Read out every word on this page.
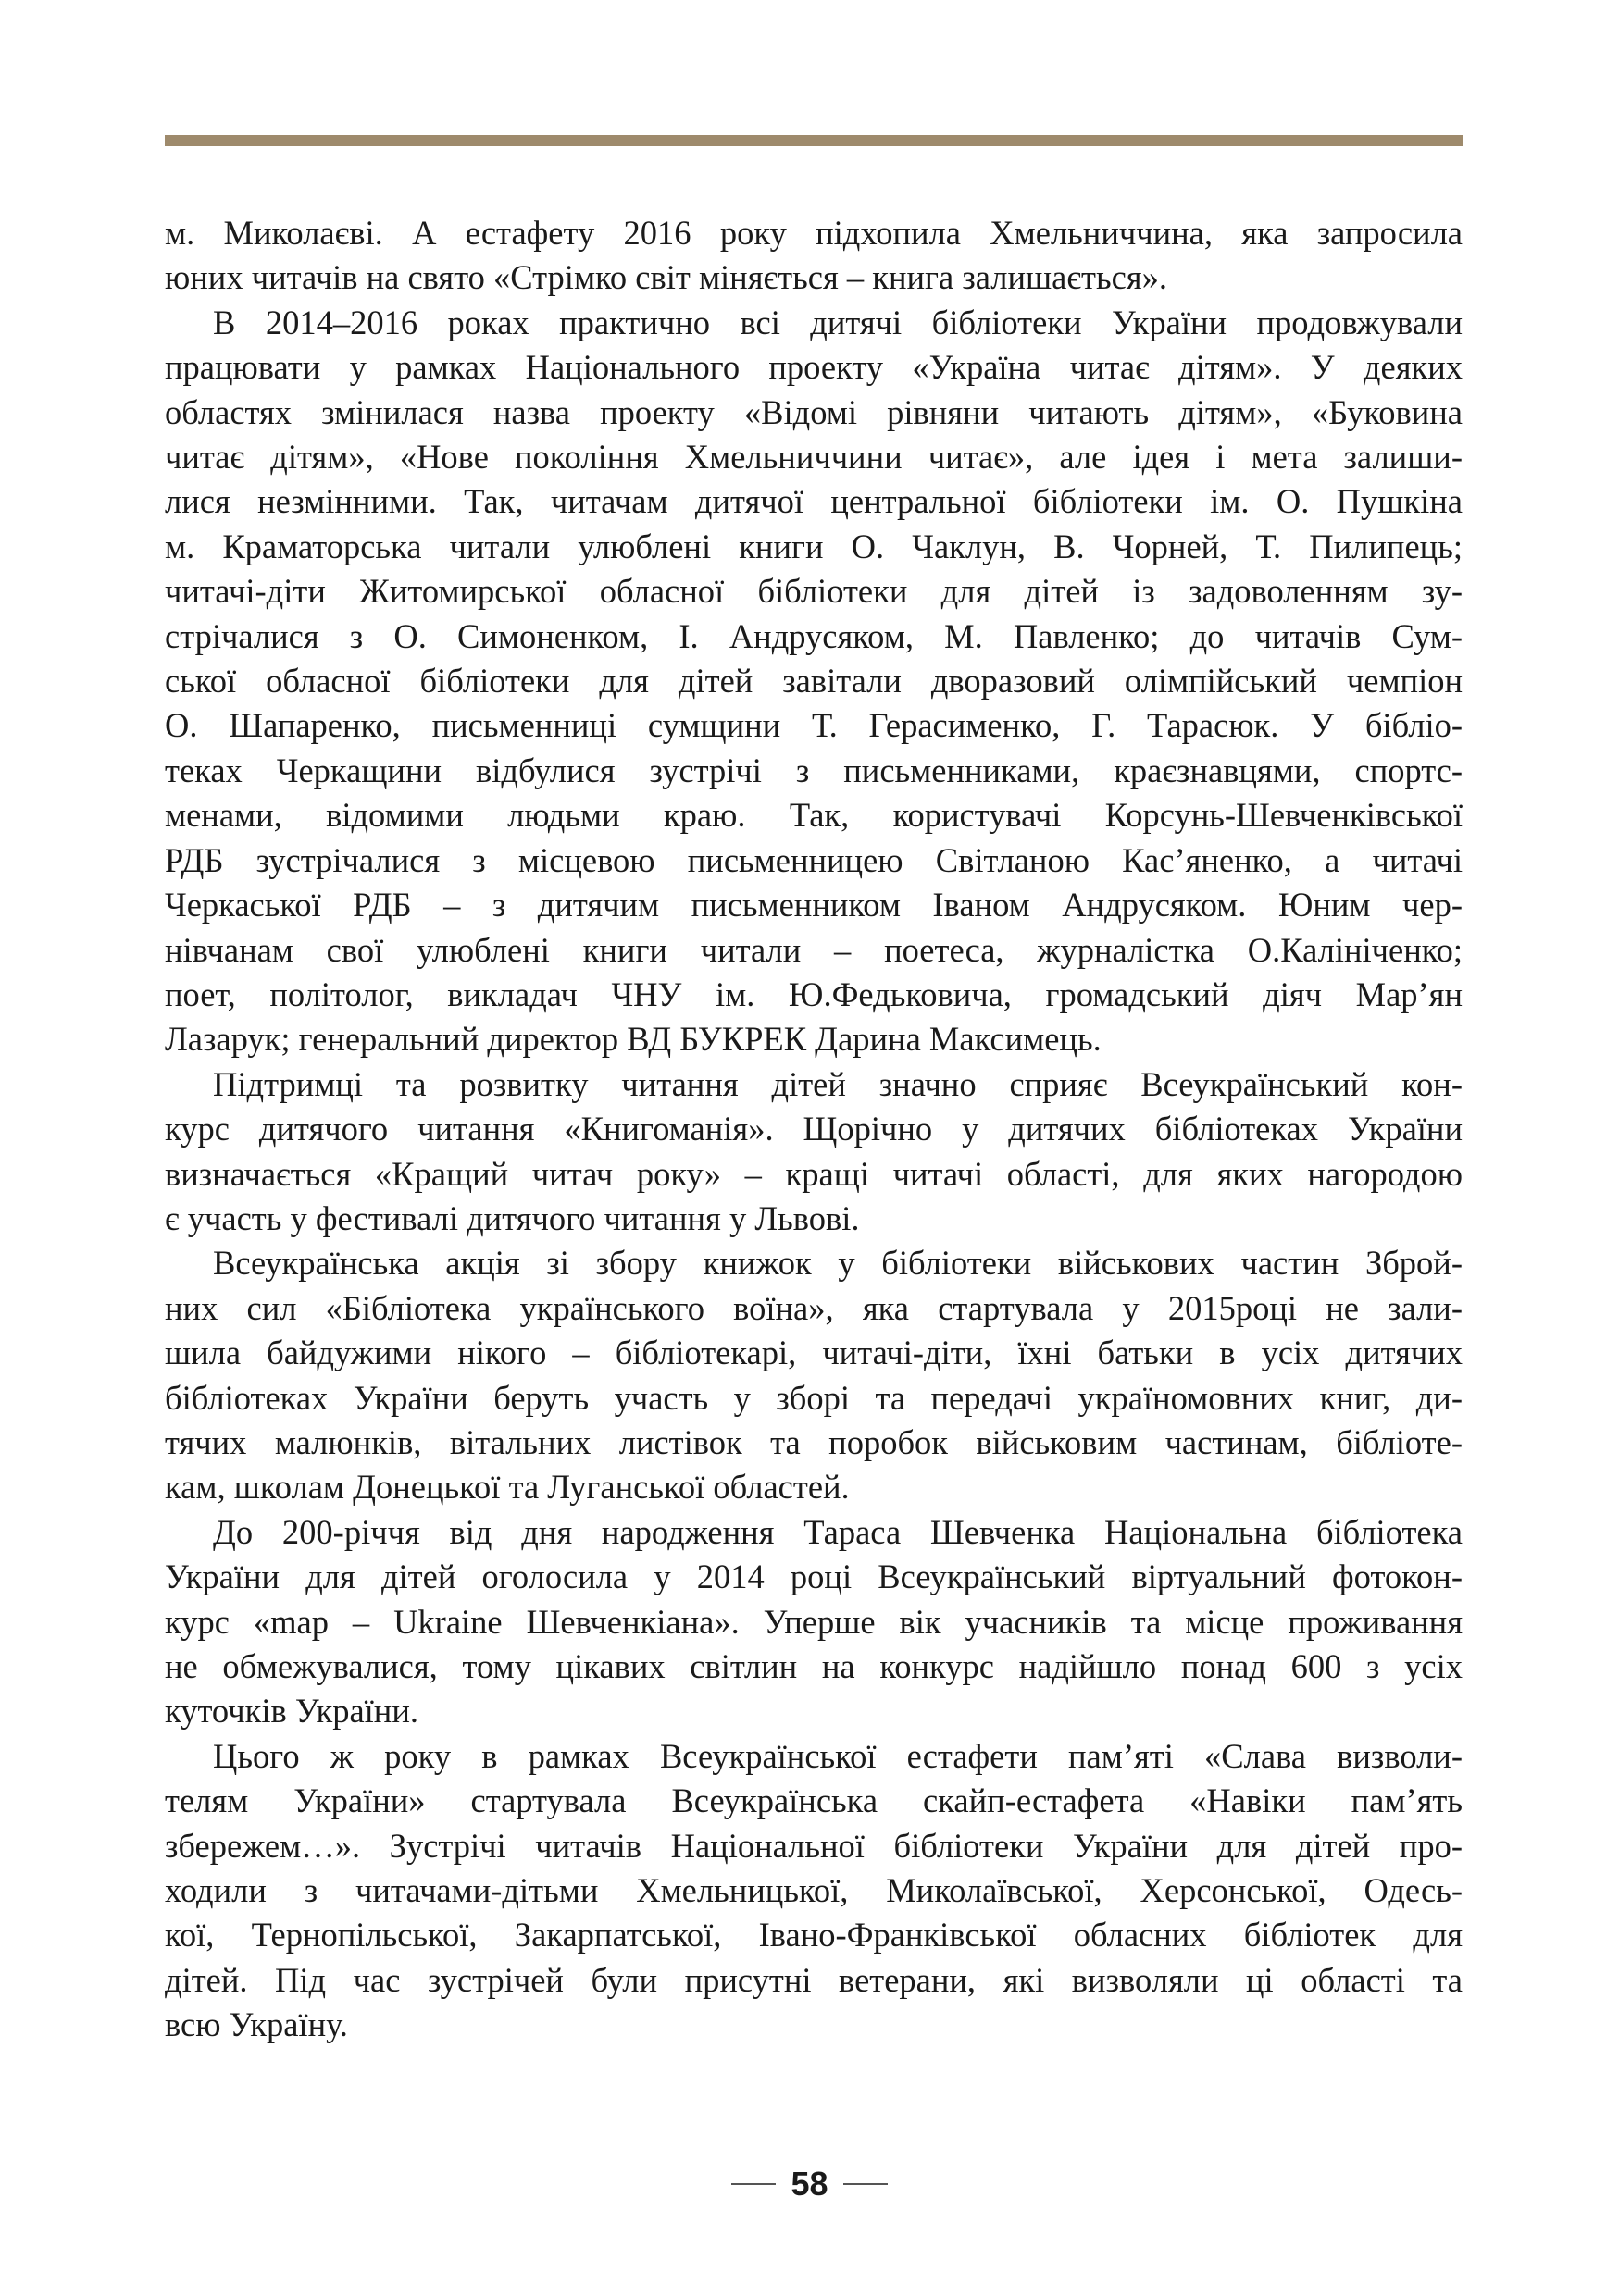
м. Миколаєві. А естафету 2016 року підхопила Хмельниччина, яка запросила
юних читачів на свято «Стрімко світ міняється – книга залишається».

В 2014–2016 роках практично всі дитячі бібліотеки України продовжували
працювати у рамках Національного проекту «Україна читає дітям». У деяких
областях змінилася назва проекту «Відомі рівняни читають дітям», «Буковина
читає дітям», «Нове покоління Хмельниччини читає», але ідея і мета залиши-
лися незмінними. Так, читачам дитячої центральної бібліотеки ім. О. Пушкіна
м. Краматорська читали улюблені книги О. Чаклун, В. Чорней, Т. Пилипець;
читачі-діти Житомирської обласної бібліотеки для дітей із задоволенням зу-
стрічалися з О. Симоненком, І. Андрусяком, М. Павленко; до читачів Сум-
ської обласної бібліотеки для дітей завітали дворазовий олімпійський чемпіон
О. Шапаренко, письменниці сумщини Т. Герасименко, Г. Тарасюк. У бібліо-
теках Черкащини відбулися зустрічі з письменниками, краєзнавцями, спортс-
менами, відомими людьми краю. Так, користувачі Корсунь-Шевченківської
РДБ зустрічалися з місцевою письменницею Світланою Кас’яненко, а читачі
Черкаської РДБ – з дитячим письменником Іваном Андрусяком. Юним чер-
нівчанам свої улюблені книги читали – поетеса, журналістка О.Калініченко;
поет, політолог, викладач ЧНУ ім. Ю.Федьковича, громадський діяч Мар’ян
Лазарук; генеральний директор ВД БУКРЕК Дарина Максимець.

Підтримці та розвитку читання дітей значно сприяє Всеукраїнський кон-
курс дитячого читання «Книгоманія». Щорічно у дитячих бібліотеках України
визначається «Кращий читач року» – кращі читачі області, для яких нагородою
є участь у фестивалі дитячого читання у Львові.

Всеукраїнська акція зі збору книжок у бібліотеки військових частин Зброй-
них сил «Бібліотека українського воїна», яка стартувала у 2015році не зали-
шила байдужими нікого – бібліотекарі, читачі-діти, їхні батьки в усіх дитячих
бібліотеках України беруть участь у зборі та передачі україномовних книг, ди-
тячих малюнків, вітальних листівок та поробок військовим частинам, бібліоте-
кам, школам Донецької та Луганської областей.

До 200-річчя від дня народження Тараса Шевченка Національна бібліотека
України для дітей оголосила у 2014 році Всеукраїнський віртуальний фотокон-
курс «map – Ukraine Шевченкіана». Уперше вік учасників та місце проживання
не обмежувалися, тому цікавих світлин на конкурс надійшло понад 600 з усіх
куточків України.

Цього ж року в рамках Всеукраїнської естафети пам’яті «Слава визволи-
телям України» стартувала Всеукраїнська скайп-естафета «Навіки пам’ять
збережем…». Зустрічі читачів Національної бібліотеки України для дітей про-
ходили з читачами-дітьми Хмельницької, Миколаївської, Херсонської, Одесь-
кої, Тернопільської, Закарпатської, Івано-Франківської обласних бібліотек для
дітей. Під час зустрічей були присутні ветерани, які визволяли ці області та
всю Україну.

58
